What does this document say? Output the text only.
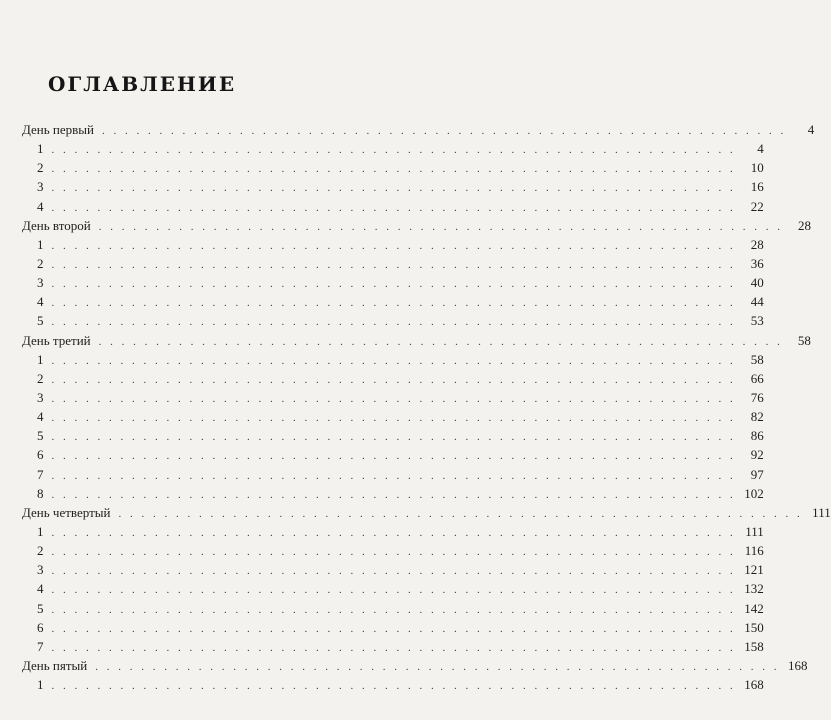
ОГЛАВЛЕНИЕ
День первый . . . . . . . . . . . . . . . . . . . . . . . . . . . . . . . . . . . . . . . . . . . . . . . . . . . . . . . . . . . .	4
1 . . . . . . . . . . . . . . . . . . . . . . . . . . . . . . . . . . . . . . . . . . . . . . . . . . . . . . . . . . . .	4
2 . . . . . . . . . . . . . . . . . . . . . . . . . . . . . . . . . . . . . . . . . . . . . . . . . . . . . . . . . . . .	10
3 . . . . . . . . . . . . . . . . . . . . . . . . . . . . . . . . . . . . . . . . . . . . . . . . . . . . . . . . . . . .	16
4 . . . . . . . . . . . . . . . . . . . . . . . . . . . . . . . . . . . . . . . . . . . . . . . . . . . . . . . . . . . .	22
День второй . . . . . . . . . . . . . . . . . . . . . . . . . . . . . . . . . . . . . . . . . . . . . . . . . . . . . . . . . . . .	28
1 . . . . . . . . . . . . . . . . . . . . . . . . . . . . . . . . . . . . . . . . . . . . . . . . . . . . . . . . . . . .	28
2 . . . . . . . . . . . . . . . . . . . . . . . . . . . . . . . . . . . . . . . . . . . . . . . . . . . . . . . . . . . .	36
3 . . . . . . . . . . . . . . . . . . . . . . . . . . . . . . . . . . . . . . . . . . . . . . . . . . . . . . . . . . . .	40
4 . . . . . . . . . . . . . . . . . . . . . . . . . . . . . . . . . . . . . . . . . . . . . . . . . . . . . . . . . . . .	44
5 . . . . . . . . . . . . . . . . . . . . . . . . . . . . . . . . . . . . . . . . . . . . . . . . . . . . . . . . . . . .	53
День третий . . . . . . . . . . . . . . . . . . . . . . . . . . . . . . . . . . . . . . . . . . . . . . . . . . . . . . . . . . . .	58
1 . . . . . . . . . . . . . . . . . . . . . . . . . . . . . . . . . . . . . . . . . . . . . . . . . . . . . . . . . . . .	58
2 . . . . . . . . . . . . . . . . . . . . . . . . . . . . . . . . . . . . . . . . . . . . . . . . . . . . . . . . . . . .	66
3 . . . . . . . . . . . . . . . . . . . . . . . . . . . . . . . . . . . . . . . . . . . . . . . . . . . . . . . . . . . .	76
4 . . . . . . . . . . . . . . . . . . . . . . . . . . . . . . . . . . . . . . . . . . . . . . . . . . . . . . . . . . . .	82
5 . . . . . . . . . . . . . . . . . . . . . . . . . . . . . . . . . . . . . . . . . . . . . . . . . . . . . . . . . . . .	86
6 . . . . . . . . . . . . . . . . . . . . . . . . . . . . . . . . . . . . . . . . . . . . . . . . . . . . . . . . . . . .	92
7 . . . . . . . . . . . . . . . . . . . . . . . . . . . . . . . . . . . . . . . . . . . . . . . . . . . . . . . . . . . .	97
8 . . . . . . . . . . . . . . . . . . . . . . . . . . . . . . . . . . . . . . . . . . . . . . . . . . . . . . . . . . . . 102
День четвертый . . . . . . . . . . . . . . . . . . . . . . . . . . . . . . . . . . . . . . . . . . . . . . . . . . . . . . . . . . . . 111
1 . . . . . . . . . . . . . . . . . . . . . . . . . . . . . . . . . . . . . . . . . . . . . . . . . . . . . . . . . . . . 111
2 . . . . . . . . . . . . . . . . . . . . . . . . . . . . . . . . . . . . . . . . . . . . . . . . . . . . . . . . . . . . 116
3 . . . . . . . . . . . . . . . . . . . . . . . . . . . . . . . . . . . . . . . . . . . . . . . . . . . . . . . . . . . . 121
4 . . . . . . . . . . . . . . . . . . . . . . . . . . . . . . . . . . . . . . . . . . . . . . . . . . . . . . . . . . . . 132
5 . . . . . . . . . . . . . . . . . . . . . . . . . . . . . . . . . . . . . . . . . . . . . . . . . . . . . . . . . . . . 142
6 . . . . . . . . . . . . . . . . . . . . . . . . . . . . . . . . . . . . . . . . . . . . . . . . . . . . . . . . . . . . 150
7 . . . . . . . . . . . . . . . . . . . . . . . . . . . . . . . . . . . . . . . . . . . . . . . . . . . . . . . . . . . . 158
День пятый . . . . . . . . . . . . . . . . . . . . . . . . . . . . . . . . . . . . . . . . . . . . . . . . . . . . . . . . . . . . 168
1 . . . . . . . . . . . . . . . . . . . . . . . . . . . . . . . . . . . . . . . . . . . . . . . . . . . . . . . . . . . . 168
